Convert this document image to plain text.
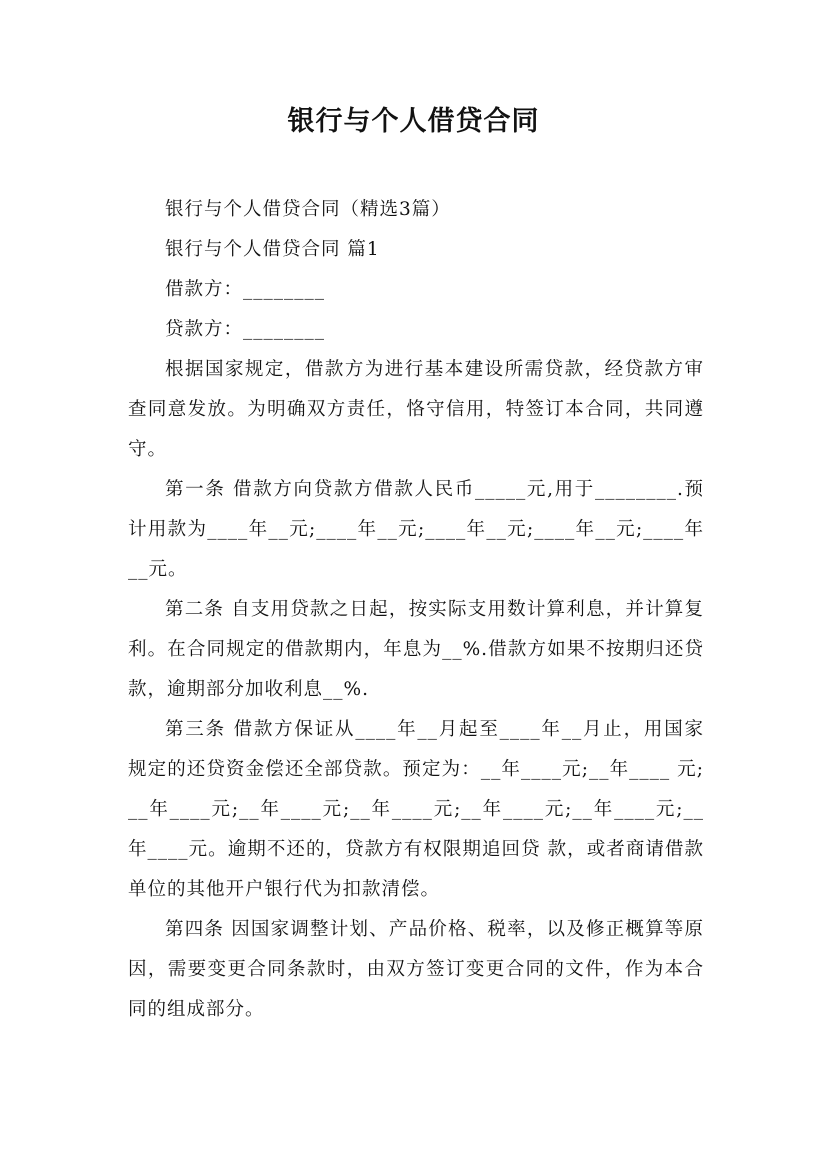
银行与个人借贷合同

银行与个人借贷合同（精选3篇）

银行与个人借贷合同 篇1

借款方：________

贷款方：________

根据国家规定，借款方为进行基本建设所需贷款，经贷款方审查同意发放。为明确双方责任，恪守信用，特签订本合同，共同遵守。

第一条 借款方向贷款方借款人民币_____元,用于________.预计用款为____年__元;____年__元;____年__元;____年__元;____年__元。

第二条 自支用贷款之日起，按实际支用数计算利息，并计算复利。在合同规定的借款期内，年息为__%.借款方如果不按期归还贷款，逾期部分加收利息__%.

第三条 借款方保证从____年__月起至____年__月止，用国家规定的还贷资金偿还全部贷款。预定为：__年____元;__年____ 元;__年____元;__年____元;__年____元;__年____元;__年____元;__年____元。逾期不还的，贷款方有权限期追回贷 款，或者商请借款单位的其他开户银行代为扣款清偿。

第四条 因国家调整计划、产品价格、税率，以及修正概算等原因，需要变更合同条款时，由双方签订变更合同的文件，作为本合同的组成部分。
